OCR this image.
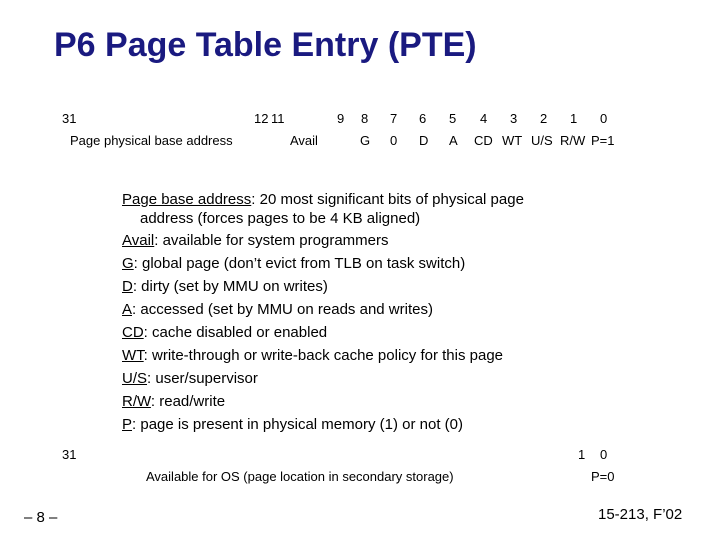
P6 Page Table Entry (PTE)
31	12 11	9 8 7 6 5 4 3 2 1 0
Page physical base address	Avail	G 0 D A CD WT U/S R/W P=1
Page base address: 20 most significant bits of physical page
address (forces pages to be 4 KB aligned)
Avail: available for system programmers
G: global page (don’t evict from TLB on task switch)
D: dirty (set by MMU on writes)
A: accessed (set by MMU on reads and writes)
CD: cache disabled or enabled
WT: write-through or write-back cache policy for this page
U/S: user/supervisor
R/W: read/write
P: page is present in physical memory (1) or not (0)
31	1 0
Available for OS (page location in secondary storage)	P=0
– 8 –	15-213, F’02
